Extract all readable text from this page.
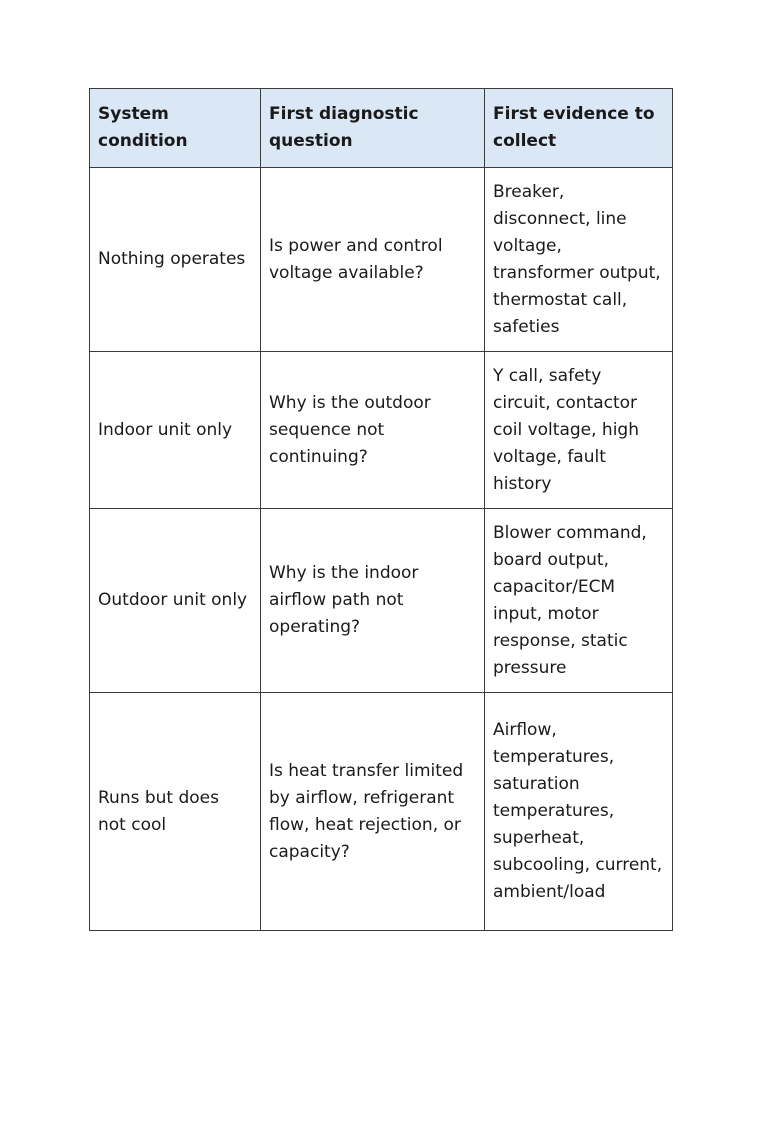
System condition	First diagnostic question	First evidence to collect
Nothing operates	Is power and control voltage available?	Breaker, disconnect, line voltage, transformer output, thermostat call, safeties
Indoor unit only	Why is the outdoor sequence not continuing?	Y call, safety circuit, contactor coil voltage, high voltage, fault history
Outdoor unit only	Why is the indoor airflow path not operating?	Blower command, board output, capacitor/ECM input, motor response, static pressure
Runs but does not cool	Is heat transfer limited by airflow, refrigerant flow, heat rejection, or capacity?	Airflow, temperatures, saturation temperatures, superheat, subcooling, current, ambient/load
